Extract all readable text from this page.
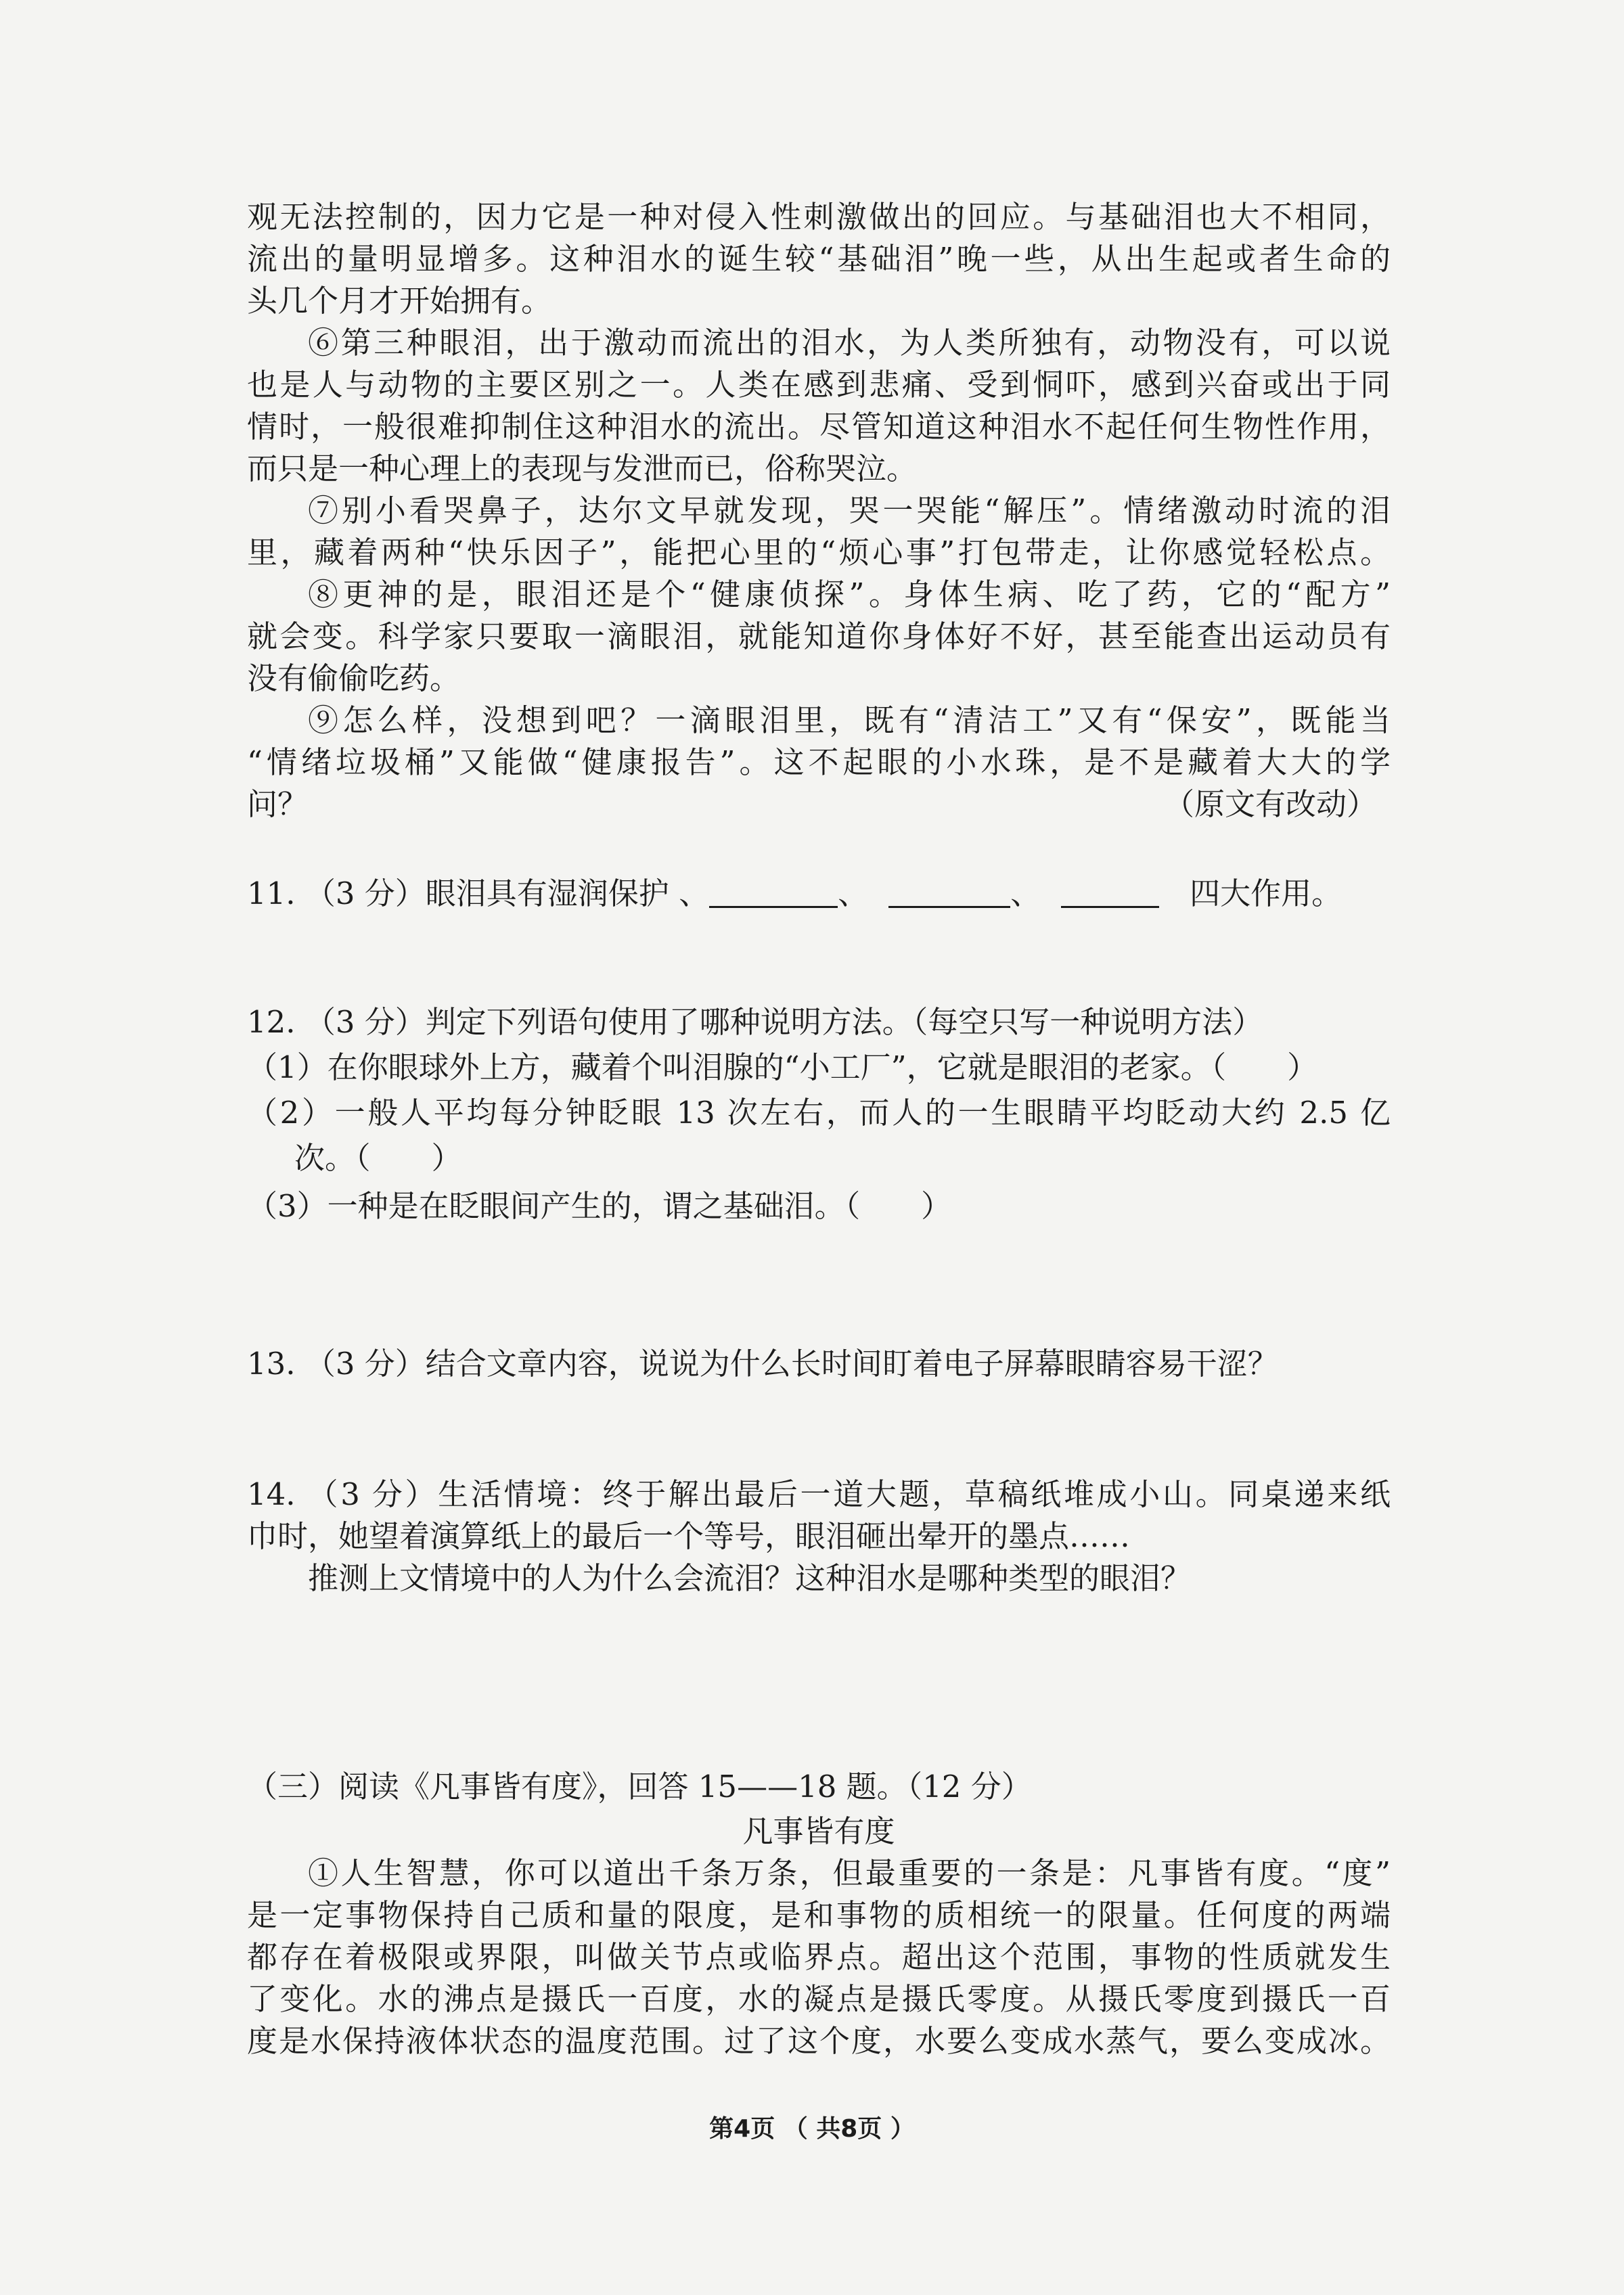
观无法控制的，因力它是一种对侵入性刺激做出的回应。与基础泪也大不相同，
流出的量明显增多。这种泪水的诞生较“基础泪”晚一些，从出生起或者生命的
头几个月才开始拥有。
⑥第三种眼泪，出于激动而流出的泪水，为人类所独有，动物没有，可以说
也是人与动物的主要区别之一。人类在感到悲痛、受到恫吓，感到兴奋或出于同
情时，一般很难抑制住这种泪水的流出。尽管知道这种泪水不起任何生物性作用，
而只是一种心理上的表现与发泄而已，俗称哭泣。
⑦别小看哭鼻子，达尔文早就发现，哭一哭能“解压”。情绪激动时流的泪
里，藏着两种“快乐因子”，能把心里的“烦心事”打包带走，让你感觉轻松点。
⑧更神的是，眼泪还是个“健康侦探”。身体生病、吃了药，它的“配方”
就会变。科学家只要取一滴眼泪，就能知道你身体好不好，甚至能查出运动员有
没有偷偷吃药。
⑨怎么样，没想到吧？一滴眼泪里，既有“清洁工”又有“保安”，既能当
“情绪垃圾桶”又能做“健康报告”。这不起眼的小水珠，是不是藏着大大的学
问？	（原文有改动）
11. （3 分）眼泪具有湿润保护 、	、	、　	四大作用。
12. （3 分）判定下列语句使用了哪种说明方法。（每空只写一种说明方法）
（1）在你眼球外上方，藏着个叫泪腺的“小工厂”，它就是眼泪的老家。（　　）
（2）一般人平均每分钟眨眼 13 次左右，而人的一生眼睛平均眨动大约 2.5 亿
次。（　　）
（3）一种是在眨眼间产生的，谓之基础泪。（　　）
13. （3 分）结合文章内容，说说为什么长时间盯着电子屏幕眼睛容易干涩？
14. （3 分）生活情境：终于解出最后一道大题，草稿纸堆成小山。同桌递来纸
巾时，她望着演算纸上的最后一个等号，眼泪砸出晕开的墨点……
推测上文情境中的人为什么会流泪？这种泪水是哪种类型的眼泪？
（三）阅读《凡事皆有度》，回答 15——18 题。（12 分）
凡事皆有度
①人生智慧，你可以道出千条万条，但最重要的一条是：凡事皆有度。“度”
是一定事物保持自己质和量的限度，是和事物的质相统一的限量。任何度的两端
都存在着极限或界限，叫做关节点或临界点。超出这个范围，事物的性质就发生
了变化。水的沸点是摄氏一百度，水的凝点是摄氏零度。从摄氏零度到摄氏一百
度是水保持液体状态的温度范围。过了这个度，水要么变成水蒸气，要么变成冰。
第4页 （ 共8页 ）
